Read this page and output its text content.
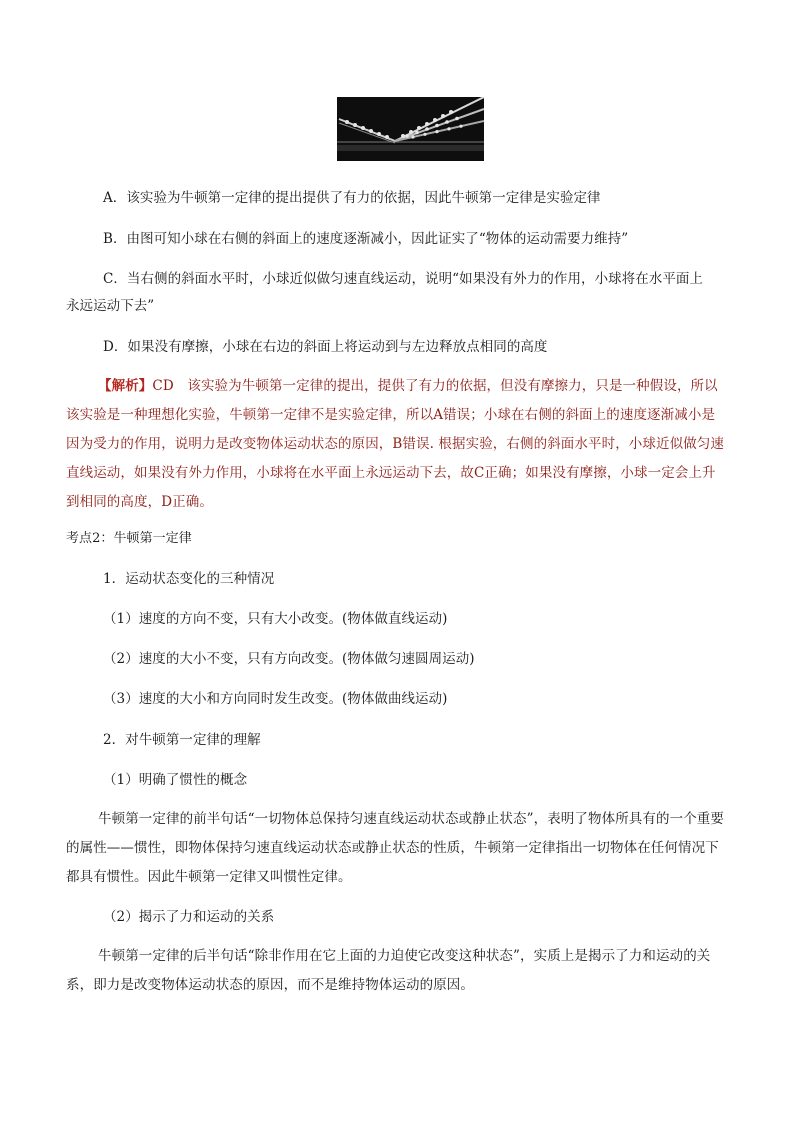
A．该实验为牛顿第一定律的提出提供了有力的依据，因此牛顿第一定律是实验定律
B．由图可知小球在右侧的斜面上的速度逐渐减小，因此证实了“物体的运动需要力维持”
C．当右侧的斜面水平时，小球近似做匀速直线运动，说明“如果没有外力的作用，小球将在水平面上
永远运动下去”
D．如果没有摩擦，小球在右边的斜面上将运动到与左边释放点相同的高度
【解析】CD　该实验为牛顿第一定律的提出，提供了有力的依据，但没有摩擦力，只是一种假设，所以该实验是一种理想化实验，牛顿第一定律不是实验定律，所以A错误；小球在右侧的斜面上的速度逐渐减小是因为受力的作用，说明力是改变物体运动状态的原因，B错误. 根据实验，右侧的斜面水平时，小球近似做匀速直线运动，如果没有外力作用，小球将在水平面上永远运动下去，故C正确；如果没有摩擦，小球一定会上升到相同的高度，D正确。
考点2：牛顿第一定律
1．运动状态变化的三种情况
（1）速度的方向不变，只有大小改变。(物体做直线运动)
（2）速度的大小不变，只有方向改变。(物体做匀速圆周运动)
（3）速度的大小和方向同时发生改变。(物体做曲线运动)
2．对牛顿第一定律的理解
（1）明确了惯性的概念
牛顿第一定律的前半句话“一切物体总保持匀速直线运动状态或静止状态”，表明了物体所具有的一个重要的属性——惯性，即物体保持匀速直线运动状态或静止状态的性质，牛顿第一定律指出一切物体在任何情况下都具有惯性。因此牛顿第一定律又叫惯性定律。
（2）揭示了力和运动的关系
牛顿第一定律的后半句话“除非作用在它上面的力迫使它改变这种状态”，实质上是揭示了力和运动的关系，即力是改变物体运动状态的原因，而不是维持物体运动的原因。
